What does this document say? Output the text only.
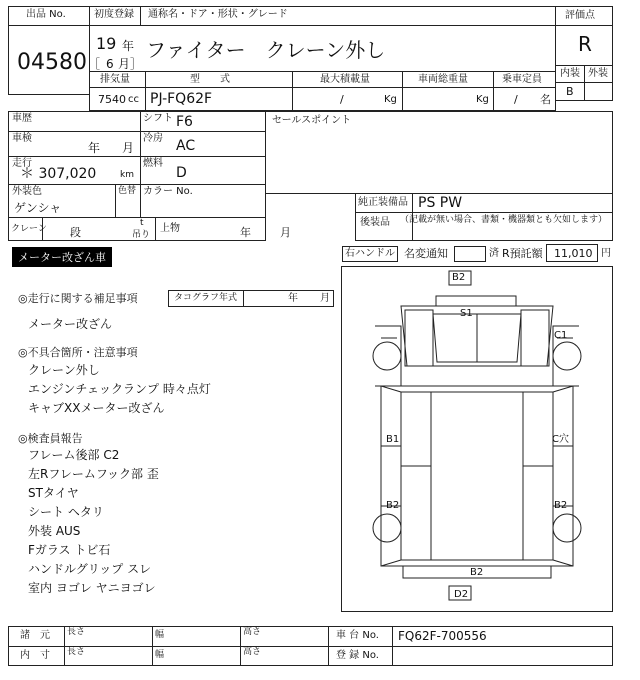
出品 No.
04580
初度登録 通称名・ドア・形状・グレード
19 年
［ 6 月］
ファイター　クレーン外し
評価点
R
内装 外装
B
排気量	型　　式	最大積載量	車両総重量	乗車定員
7540 cc PJ-FQ62F	/	Kg	Kg / 名
車歴	シフト F6
車検
年 月
冷房 AC
走行
＊ 307,020	km
燃料
D
外装色
ゲンシャ
色替 カラー No.
クレーン 段
t
吊り
上物	年	月
セールスポイント
純正装備品 PS PW
後装品 （記載が無い場合、書類・機器類とも欠如します）
メーター改ざん車	右ハンドル 名変通知	済 R預託額 11,010 円
◎走行に関する補足事項	タコグラフ年式	年 月
メーター改ざん
◎不具合箇所・注意事項
クレーン外し
エンジンチェックランプ 時々点灯
キャブXXメーター改ざん
◎検査員報告
フレーム後部 C2
左Rフレームフック部 歪
STタイヤ
シート ヘタリ
外装 AUS
Fガラス トビ石
ハンドルグリップ スレ
室内 ヨゴレ ヤニヨゴレ
B2
S1
C1
B1	C穴
B2	B2
B2
D2
諸　元
内　寸
長さ	幅	高さ
長さ	幅	高さ
車 台 No. FQ62F-700556
登 録 No.
